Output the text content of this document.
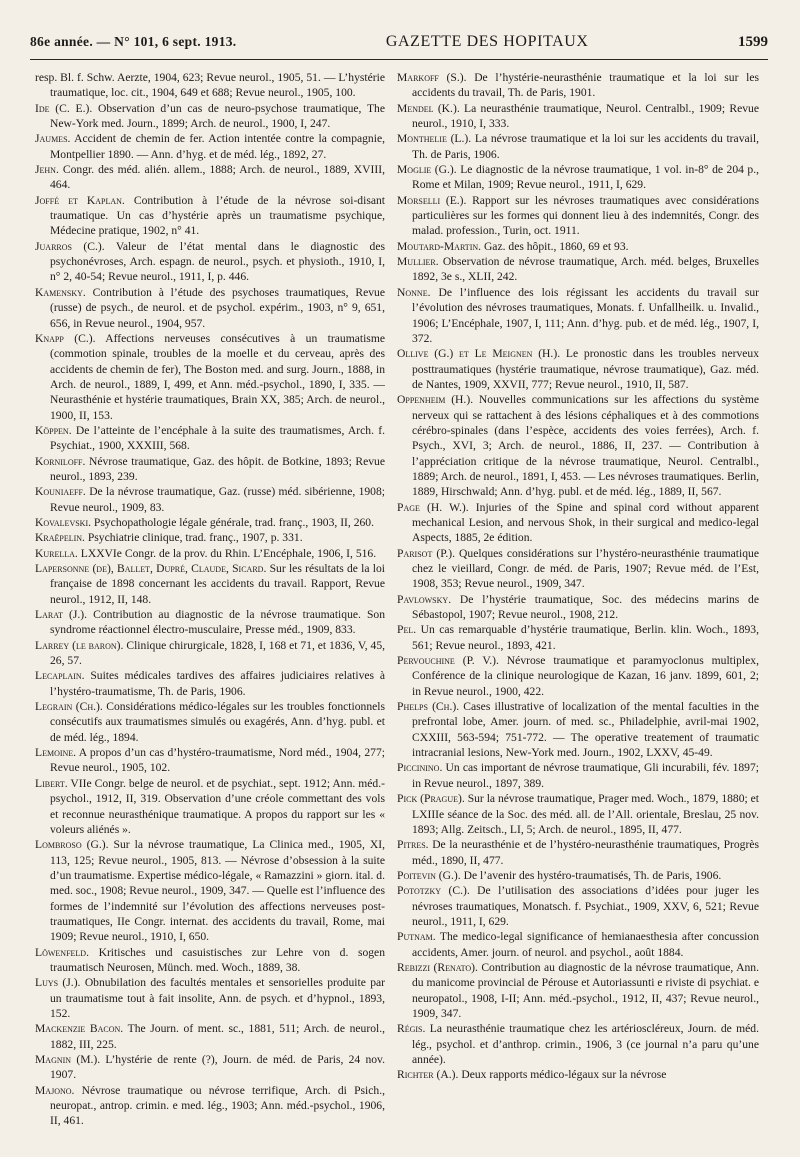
86e année. — N° 101, 6 sept. 1913.	GAZETTE DES HOPITAUX	1599

resp. Bl. f. Schw. Aerzte, 1904, 623; Revue neurol., 1905, 51. — L’hystérie traumatique, loc. cit., 1904, 649 et 688; Revue neurol., 1905, 100.

Ide (C. E.). Observation d’un cas de neuro-psychose traumatique, The New-York med. Journ., 1899; Arch. de neurol., 1900, I, 247.

Jaumes. Accident de chemin de fer. Action intentée contre la compagnie, Montpellier 1890. — Ann. d’hyg. et de méd. lég., 1892, 27.

Jehn. Congr. des méd. alién. allem., 1888; Arch. de neurol., 1889, XVIII, 464.

Joffé et Kaplan. Contribution à l’étude de la névrose soi-disant traumatique. Un cas d’hystérie après un traumatisme psychique, Médecine pratique, 1902, n° 41.

Juarros (C.). Valeur de l’état mental dans le diagnostic des psychonévroses, Arch. espagn. de neurol., psych. et physioth., 1910, I, n° 2, 40-54; Revue neurol., 1911, I, p. 446.

Kamensky. Contribution à l’étude des psychoses traumatiques, Revue (russe) de psych., de neurol. et de psychol. expérim., 1903, n° 9, 651, 656, in Revue neurol., 1904, 957.

Knapp (C.). Affections nerveuses consécutives à un traumatisme (commotion spinale, troubles de la moelle et du cerveau, après des accidents de chemin de fer), The Boston med. and surg. Journ., 1888, in Arch. de neurol., 1889, I, 499, et Ann. méd.-psychol., 1890, I, 335. — Neurasthénie et hystérie traumatiques, Brain XX, 385; Arch. de neurol., 1900, II, 153.

Köppen. De l’atteinte de l’encéphale à la suite des traumatismes, Arch. f. Psychiat., 1900, XXXIII, 568.

Korniloff. Névrose traumatique, Gaz. des hôpit. de Botkine, 1893; Revue neurol., 1893, 239.

Kouniaeff. De la névrose traumatique, Gaz. (russe) méd. sibérienne, 1908; Revue neurol., 1909, 83.

Kovalevski. Psychopathologie légale générale, trad. franç., 1903, II, 260.

Kraëpelin. Psychiatrie clinique, trad. franç., 1907, p. 331.

Kurella. LXXVIe Congr. de la prov. du Rhin. L’Encéphale, 1906, I, 516.

Lapersonne (de), Ballet, Dupré, Claude, Sicard. Sur les résultats de la loi française de 1898 concernant les accidents du travail. Rapport, Revue neurol., 1912, II, 148.

Larat (J.). Contribution au diagnostic de la névrose traumatique. Son syndrome réactionnel électro-musculaire, Presse méd., 1909, 833.

Larrey (le baron). Clinique chirurgicale, 1828, I, 168 et 71, et 1836, V, 45, 26, 57.

Lecaplain. Suites médicales tardives des affaires judiciaires relatives à l’hystéro-traumatisme, Th. de Paris, 1906.

Legrain (Ch.). Considérations médico-légales sur les troubles fonctionnels consécutifs aux traumatismes simulés ou exagérés, Ann. d’hyg. publ. et de méd. lég., 1894.

Lemoine. A propos d’un cas d’hystéro-traumatisme, Nord méd., 1904, 277; Revue neurol., 1905, 102.

Libert. VIIe Congr. belge de neurol. et de psychiat., sept. 1912; Ann. méd.-psychol., 1912, II, 319. Observation d’une créole commettant des vols et reconnue neurasthénique traumatique. A propos du rapport sur les « voleurs aliénés ».

Lombroso (G.). Sur la névrose traumatique, La Clinica med., 1905, XI, 113, 125; Revue neurol., 1905, 813. — Névrose d’obsession à la suite d’un traumatisme. Expertise médico-légale, « Ramazzini » giorn. ital. d. med. soc., 1908; Revue neurol., 1909, 347. — Quelle est l’influence des formes de l’indemnité sur l’évolution des affections nerveuses post-traumatiques, IIe Congr. internat. des accidents du travail, Rome, mai 1909; Revue neurol., 1910, I, 650.

Löwenfeld. Kritisches und casuistisches zur Lehre von d. sogen traumatisch Neurosen, Münch. med. Woch., 1889, 38.

Luys (J.). Obnubilation des facultés mentales et sensorielles produite par un traumatisme tout à fait insolite, Ann. de psych. et d’hypnol., 1893, 152.

Mackenzie Bacon. The Journ. of ment. sc., 1881, 511; Arch. de neurol., 1882, III, 225.

Magnin (M.). L’hystérie de rente (?), Journ. de méd. de Paris, 24 nov. 1907.

Majono. Névrose traumatique ou névrose terrifique, Arch. di Psich., neuropat., antrop. crimin. e med. lég., 1903; Ann. méd.-psychol., 1906, II, 461.

Markoff (S.). De l’hystérie-neurasthénie traumatique et la loi sur les accidents du travail, Th. de Paris, 1901.

Mendel (K.). La neurasthénie traumatique, Neurol. Centralbl., 1909; Revue neurol., 1910, I, 333.

Monthelie (L.). La névrose traumatique et la loi sur les accidents du travail, Th. de Paris, 1906.

Moglie (G.). Le diagnostic de la névrose traumatique, 1 vol. in-8° de 204 p., Rome et Milan, 1909; Revue neurol., 1911, I, 629.

Morselli (E.). Rapport sur les névroses traumatiques avec considérations particulières sur les formes qui donnent lieu à des indemnités, Congr. des malad. profession., Turin, oct. 1911.

Moutard-Martin. Gaz. des hôpit., 1860, 69 et 93.

Mullier. Observation de névrose traumatique, Arch. méd. belges, Bruxelles 1892, 3e s., XLII, 242.

Nonne. De l’influence des lois régissant les accidents du travail sur l’évolution des névroses traumatiques, Monats. f. Unfallheilk. u. Invalid., 1906; L’Encéphale, 1907, I, 111; Ann. d’hyg. pub. et de méd. lég., 1907, I, 372.

Ollive (G.) et Le Meignen (H.). Le pronostic dans les troubles nerveux posttraumatiques (hystérie traumatique, névrose traumatique), Gaz. méd. de Nantes, 1909, XXVII, 777; Revue neurol., 1910, II, 587.

Oppenheim (H.). Nouvelles communications sur les affections du système nerveux qui se rattachent à des lésions céphaliques et à des commotions cérébro-spinales (dans l’espèce, accidents des voies ferrées), Arch. f. Psych., XVI, 3; Arch. de neurol., 1886, II, 237. — Contribution à l’appréciation critique de la névrose traumatique, Neurol. Centralbl., 1889; Arch. de neurol., 1891, I, 453. — Les névroses traumatiques. Berlin, 1889, Hirschwald; Ann. d’hyg. publ. et de méd. lég., 1889, II, 567.

Page (H. W.). Injuries of the Spine and spinal cord without apparent mechanical Lesion, and nervous Shok, in their surgical and medico-legal Aspects, 1885, 2e édition.

Parisot (P.). Quelques considérations sur l’hystéro-neurasthénie traumatique chez le vieillard, Congr. de méd. de Paris, 1907; Revue méd. de l’Est, 1908, 353; Revue neurol., 1909, 347.

Pavlowsky. De l’hystérie traumatique, Soc. des médecins marins de Sébastopol, 1907; Revue neurol., 1908, 212.

Pel. Un cas remarquable d’hystérie traumatique, Berlin. klin. Woch., 1893, 561; Revue neurol., 1893, 421.

Pervouchine (P. V.). Névrose traumatique et paramyoclonus multiplex, Conférence de la clinique neurologique de Kazan, 16 janv. 1899, 601, 2; in Revue neurol., 1900, 422.

Phelps (Ch.). Cases illustrative of localization of the mental faculties in the prefrontal lobe, Amer. journ. of med. sc., Philadelphie, avril-mai 1902, CXXIII, 563-594; 751-772. — The operative treatement of traumatic intracranial lesions, New-York med. Journ., 1902, LXXV, 45-49.

Piccinino. Un cas important de névrose traumatique, Gli incurabili, fév. 1897; in Revue neurol., 1897, 389.

Pick (Prague). Sur la névrose traumatique, Prager med. Woch., 1879, 1880; et LXIIIe séance de la Soc. des méd. all. de l’All. orientale, Breslau, 25 nov. 1893; Allg. Zeitsch., LI, 5; Arch. de neurol., 1895, II, 477.

Pitres. De la neurasthénie et de l’hystéro-neurasthénie traumatiques, Progrès méd., 1890, II, 477.

Poitevin (G.). De l’avenir des hystéro-traumatisés, Th. de Paris, 1906.

Pototzky (C.). De l’utilisation des associations d’idées pour juger les névroses traumatiques, Monatsch. f. Psychiat., 1909, XXV, 6, 521; Revue neurol., 1911, I, 629.

Putnam. The medico-legal significance of hemianaesthesia after concussion accidents, Amer. journ. of neurol. and psychol., août 1884.

Rebizzi (Renato). Contribution au diagnostic de la névrose traumatique, Ann. du manicome provincial de Pérouse et Autoriassunti e riviste di psychiat. e neuropatol., 1908, I-II; Ann. méd.-psychol., 1912, II, 437; Revue neurol., 1909, 347.

Régis. La neurasthénie traumatique chez les artérioscléreux, Journ. de méd. lég., psychol. et d’anthrop. crimin., 1906, 3 (ce journal n’a paru qu’une année).

Richter (A.). Deux rapports médico-légaux sur la névrose
